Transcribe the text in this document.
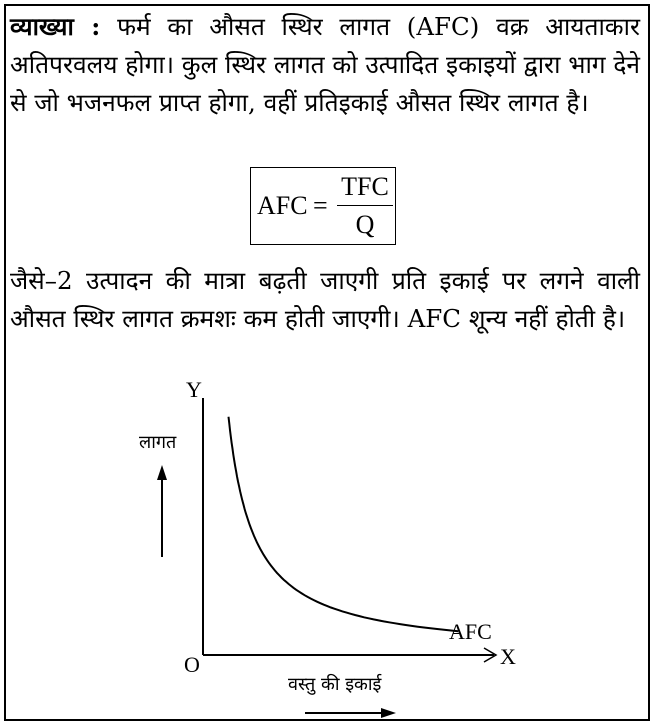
व्याख्या : फर्म का औसत स्थिर लागत (AFC) वक्र आयताकार अतिपरवलय होगा। कुल स्थिर लागत को उत्पादित इकाइयों द्वारा भाग देने से जो भजनफल प्राप्त होगा, वहीं प्रतिइकाई औसत स्थिर लागत है।
AFC =
TFC
Q
जैसे–2 उत्पादन की मात्रा बढ़ती जाएगी प्रति इकाई पर लगने वाली औसत स्थिर लागत क्रमशः कम होती जाएगी। AFC शून्य नहीं होती है।
Y
X
O
लागत
वस्तु की इकाई
AFC
